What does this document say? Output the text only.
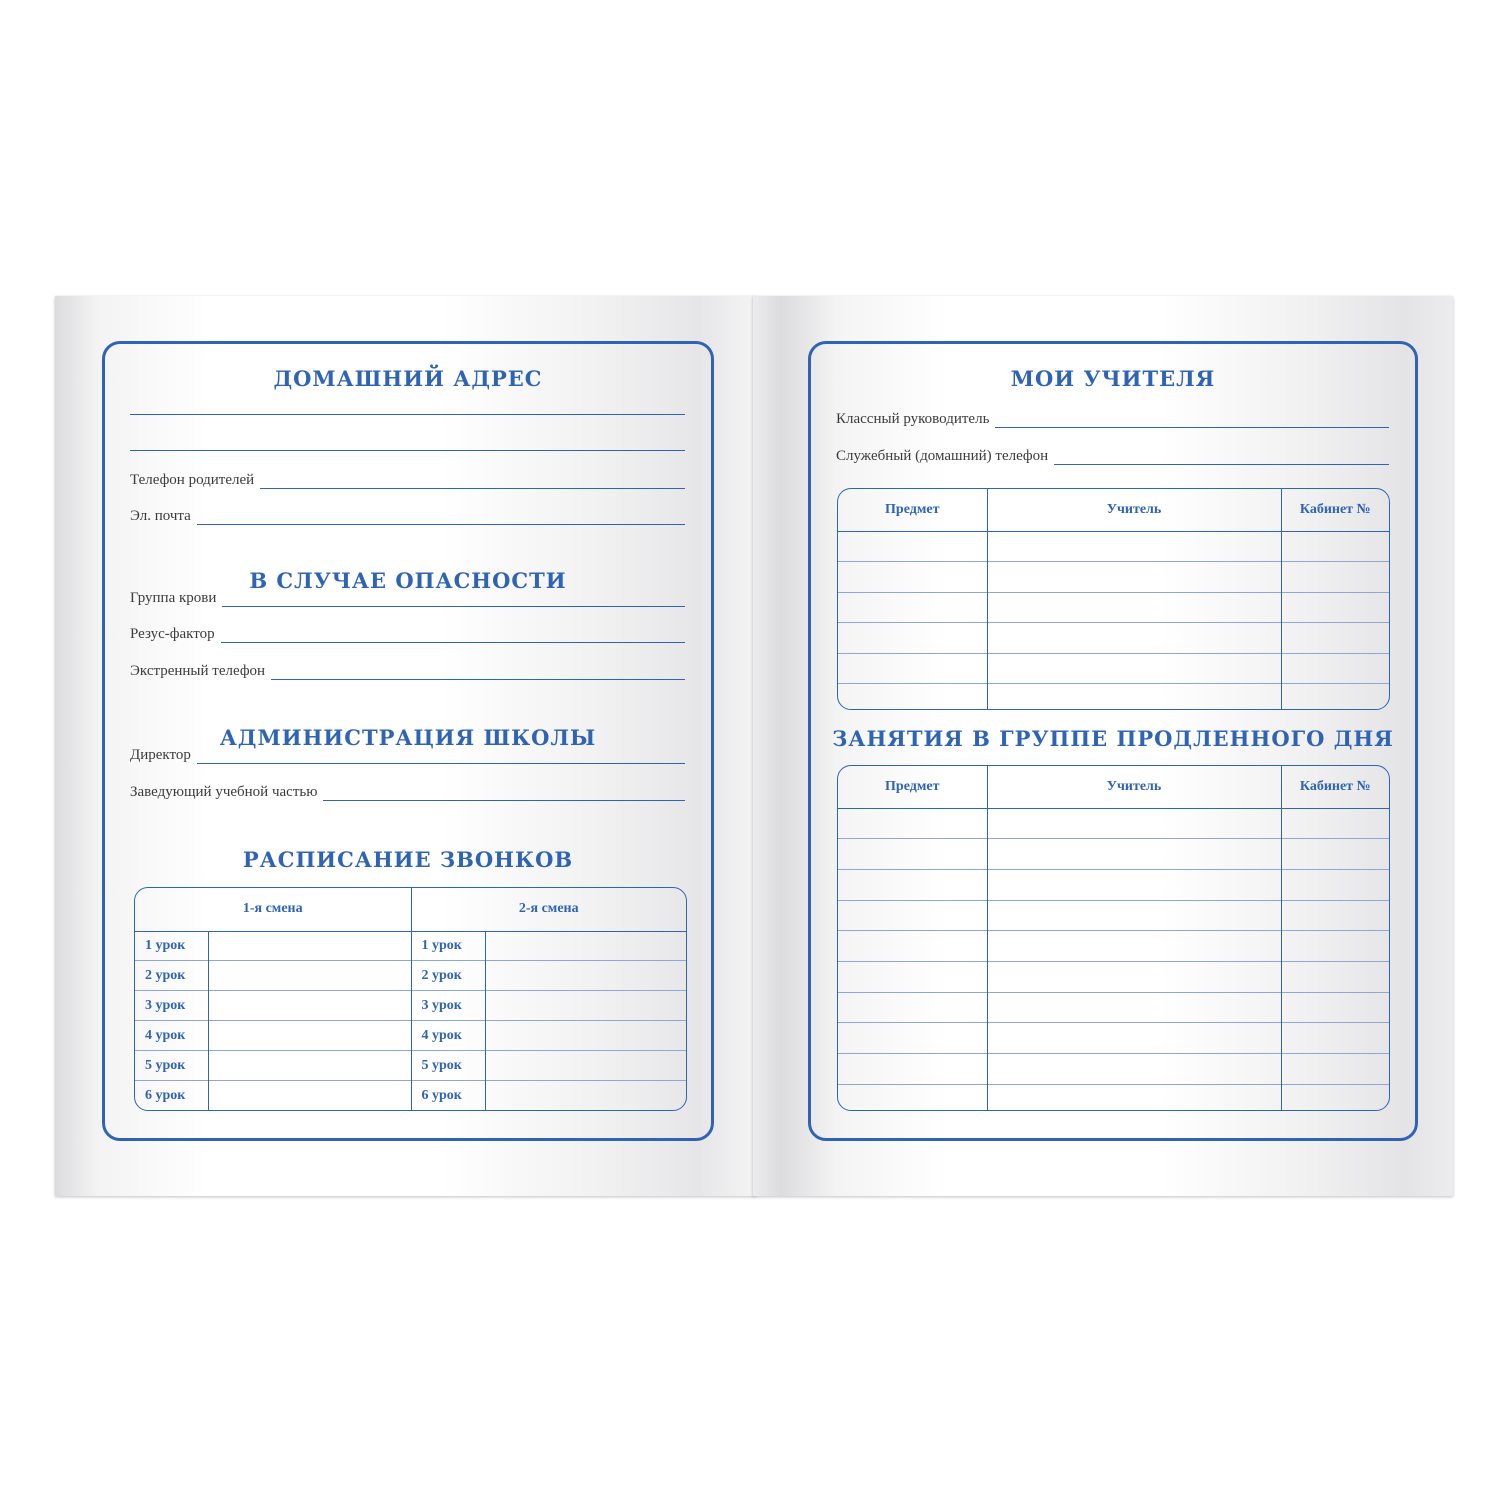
ДОМАШНИЙ АДРЕС
Телефон родителей
Эл. почта
В СЛУЧАЕ ОПАСНОСТИ
Группа крови
Резус-фактор
Экстренный телефон
АДМИНИСТРАЦИЯ ШКОЛЫ
Директор
Заведующий учебной частью
РАСПИСАНИЕ ЗВОНКОВ
1-я смена		2-я смена	
1 урок		1 урок	
2 урок		2 урок	
3 урок		3 урок	
4 урок		4 урок	
5 урок		5 урок	
6 урок		6 урок	
МОИ УЧИТЕЛЯ
Классный руководитель
Служебный (домашний) телефон
Предмет	Учитель	Кабинет №

ЗАНЯТИЯ В ГРУППЕ ПРОДЛЕННОГО ДНЯ
Предмет	Учитель	Кабинет №
